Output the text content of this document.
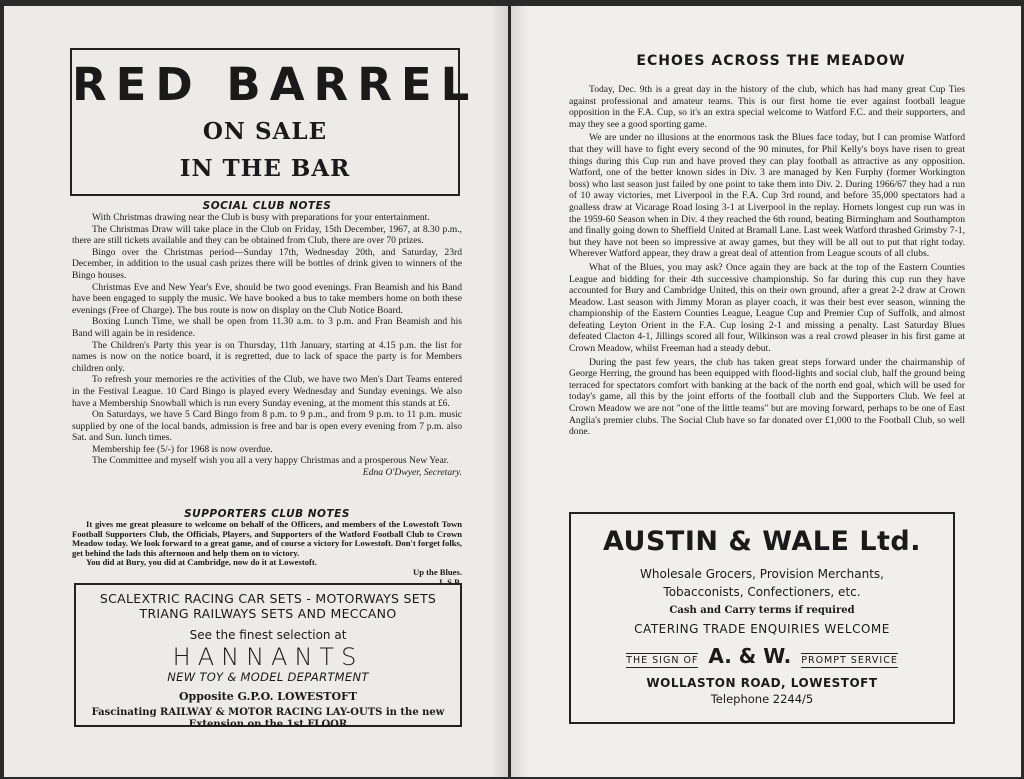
RED BARREL
ON SALE
IN THE BAR
SOCIAL CLUB NOTES

With Christmas drawing near the Club is busy with preparations for your entertainment.

The Christmas Draw will take place in the Club on Friday, 15th December, 1967, at 8.30 p.m., there are still tickets available and they can be obtained from Club, there are over 70 prizes.

Bingo over the Christmas period—Sunday 17th, Wednesday 20th, and Saturday, 23rd December, in addition to the usual cash prizes there will be bottles of drink given to winners of the Bingo houses.

Christmas Eve and New Year's Eve, should be two good evenings. Fran Beamish and his Band have been engaged to supply the music. We have booked a bus to take members home on both these evenings (Free of Charge). The bus route is now on display on the Club Notice Board.

Boxing Lunch Time, we shall be open from 11.30 a.m. to 3 p.m. and Fran Beamish and his Band will again be in residence.

The Children's Party this year is on Thursday, 11th January, starting at 4.15 p.m. the list for names is now on the notice board, it is regretted, due to lack of space the party is for Members children only.

To refresh your memories re the activities of the Club, we have two Men's Dart Teams entered in the Festival League. 10 Card Bingo is played every Wednesday and Sunday evenings. We also have a Membership Snowball which is run every Sunday evening, at the moment this stands at £6.

On Saturdays, we have 5 Card Bingo from 8 p.m. to 9 p.m., and from 9 p.m. to 11 p.m. music supplied by one of the local bands, admission is free and bar is open every evening from 7 p.m. also Sat. and Sun. lunch times.

Membership fee (5/-) for 1968 is now overdue.

The Committee and myself wish you all a very happy Christmas and a prosperous New Year.

Edna O'Dwyer, Secretary.
SUPPORTERS CLUB NOTES

It gives me great pleasure to welcome on behalf of the Officers, and members of the Lowestoft Town Football Supporters Club, the Officials, Players, and Supporters of the Watford Football Club to Crown Meadow today. We look forward to a great game, and of course a victory for Lowestoft. Don't forget folks, get behind the lads this afternoon and help them on to victory.

You did at Bury, you did at Cambridge, now do it at Lowestoft.

Up the Blues.
L.S.B.
SCALEXTRIC RACING CAR SETS - MOTORWAYS SETS
TRIANG RAILWAYS SETS AND MECCANO
See the finest selection at
HANNANTS
NEW TOY & MODEL DEPARTMENT
Opposite G.P.O. LOWESTOFT
Fascinating RAILWAY & MOTOR RACING LAY-OUTS in the new Extension on the 1st FLOOR
ECHOES ACROSS THE MEADOW

Today, Dec. 9th is a great day in the history of the club, which has had many great Cup Ties against professional and amateur teams. This is our first home tie ever against football league opposition in the F.A. Cup, so it's an extra special welcome to Watford F.C. and their supporters, and may they see a good sporting game.

We are under no illusions at the enormous task the Blues face today, but I can promise Watford that they will have to fight every second of the 90 minutes, for Phil Kelly's boys have risen to great things during this Cup run and have proved they can play football as attractive as any opposition. Watford, one of the better known sides in Div. 3 are managed by Ken Furphy (former Workington boss) who last season just failed by one point to take them into Div. 2. During 1966/67 they had a run of 10 away victories, met Liverpool in the F.A. Cup 3rd round, and before 35,000 spectators had a goalless draw at Vicarage Road losing 3-1 at Liverpool in the replay. Hornets longest cup run was in the 1959-60 Season when in Div. 4 they reached the 6th round, beating Birmingham and Southampton and finally going down to Sheffield United at Bramall Lane. Last week Watford thrashed Grimsby 7-1, but they have not been so impressive at away games, but they will be all out to put that right today. Wherever Watford appear, they draw a great deal of attention from League scouts of all clubs.

What of the Blues, you may ask? Once again they are back at the top of the Eastern Counties League and bidding for their 4th successive championship. So far during this cup run they have accounted for Bury and Cambridge United, this on their own ground, after a great 2-2 draw at Crown Meadow. Last season with Jimmy Moran as player coach, it was their best ever season, winning the championship of the Eastern Counties League, League Cup and Premier Cup of Suffolk, and almost defeating Leyton Orient in the F.A. Cup losing 2-1 and missing a penalty. Last Saturday Blues defeated Clacton 4-1, Jillings scored all four, Wilkinson was a real crowd pleaser in his first game at Crown Meadow, whilst Freeman had a steady debut.

During the past few years, the club has taken great steps forward under the chairmanship of George Herring, the ground has been equipped with flood-lights and social club, half the ground being terraced for spectators comfort with banking at the back of the north end goal, which will be used for today's game, all this by the joint efforts of the football club and the Supporters Club. We feel at Crown Meadow we are not "one of the little teams" but are moving forward, perhaps to be one of East Anglia's premier clubs. The Social Club have so far donated over £1,000 to the Football Club, so well done.

AUSTIN & WALE Ltd.
Wholesale Grocers, Provision Merchants,
Tobacconists, Confectioners, etc.
Cash and Carry terms if required
CATERING TRADE ENQUIRIES WELCOME
THE SIGN OF A. & W. PROMPT SERVICE
WOLLASTON ROAD, LOWESTOFT
Telephone 2244/5
